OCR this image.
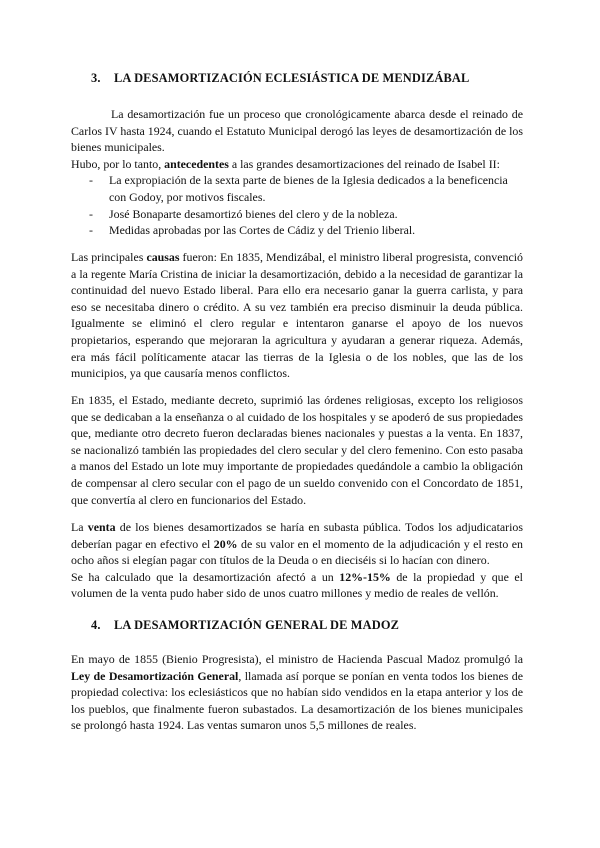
3. LA DESAMORTIZACIÓN ECLESIÁSTICA DE MENDIZÁBAL

La desamortización fue un proceso que cronológicamente abarca desde el reinado de Carlos IV hasta 1924, cuando el Estatuto Municipal derogó las leyes de desamortización de los bienes municipales.

Hubo, por lo tanto, antecedentes a las grandes desamortizaciones del reinado de Isabel II:

- La expropiación de la sexta parte de bienes de la Iglesia dedicados a la beneficencia con Godoy, por motivos fiscales.
- José Bonaparte desamortizó bienes del clero y de la nobleza.
- Medidas aprobadas por las Cortes de Cádiz y del Trienio liberal.

Las principales causas fueron: En 1835, Mendizábal, el ministro liberal progresista, convenció a la regente María Cristina de iniciar la desamortización, debido a la necesidad de garantizar la continuidad del nuevo Estado liberal. Para ello era necesario ganar la guerra carlista, y para eso se necesitaba dinero o crédito. A su vez también era preciso disminuir la deuda pública. Igualmente se eliminó el clero regular e intentaron ganarse el apoyo de los nuevos propietarios, esperando que mejoraran la agricultura y ayudaran a generar riqueza. Además, era más fácil políticamente atacar las tierras de la Iglesia o de los nobles, que las de los municipios, ya que causaría menos conflictos.

En 1835, el Estado, mediante decreto, suprimió las órdenes religiosas, excepto los religiosos que se dedicaban a la enseñanza o al cuidado de los hospitales y se apoderó de sus propiedades que, mediante otro decreto fueron declaradas bienes nacionales y puestas a la venta. En 1837, se nacionalizó también las propiedades del clero secular y del clero femenino. Con esto pasaba a manos del Estado un lote muy importante de propiedades quedándole a cambio la obligación de compensar al clero secular con el pago de un sueldo convenido con el Concordato de 1851, que convertía al clero en funcionarios del Estado.

La venta de los bienes desamortizados se haría en subasta pública. Todos los adjudicatarios deberían pagar en efectivo el 20% de su valor en el momento de la adjudicación y el resto en ocho años si elegían pagar con títulos de la Deuda o en dieciséis si lo hacían con dinero.

Se ha calculado que la desamortización afectó a un 12%-15% de la propiedad y que el volumen de la venta pudo haber sido de unos cuatro millones y medio de reales de vellón.

4. LA DESAMORTIZACIÓN GENERAL DE MADOZ

En mayo de 1855 (Bienio Progresista), el ministro de Hacienda Pascual Madoz promulgó la Ley de Desamortización General, llamada así porque se ponían en venta todos los bienes de propiedad colectiva: los eclesiásticos que no habían sido vendidos en la etapa anterior y los de los pueblos, que finalmente fueron subastados. La desamortización de los bienes municipales se prolongó hasta 1924. Las ventas sumaron unos 5,5 millones de reales.
